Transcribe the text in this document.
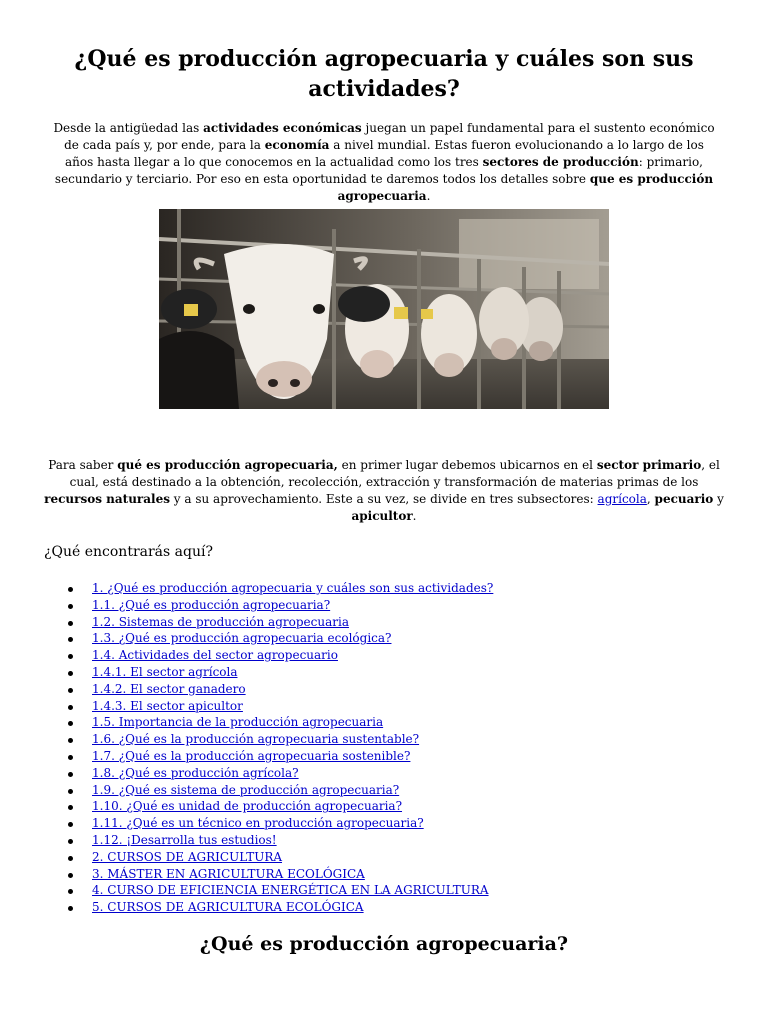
¿Qué es producción agropecuaria y cuáles son sus actividades?

Desde la antigüedad las actividades económicas juegan un papel fundamental para el sustento económico de cada país y, por ende, para la economía a nivel mundial. Estas fueron evolucionando a lo largo de los años hasta llegar a lo que conocemos en la actualidad como los tres sectores de producción: primario, secundario y terciario. Por eso en esta oportunidad te daremos todos los detalles sobre que es producción agropecuaria.

Para saber qué es producción agropecuaria, en primer lugar debemos ubicarnos en el sector primario, el cual, está destinado a la obtención, recolección, extracción y transformación de materias primas de los recursos naturales y a su aprovechamiento. Este a su vez, se divide en tres subsectores: agrícola, pecuario y apicultor.

¿Qué encontrarás aquí?
1. ¿Qué es producción agropecuaria y cuáles son sus actividades?
1.1. ¿Qué es producción agropecuaria?
1.2. Sistemas de producción agropecuaria
1.3. ¿Qué es producción agropecuaria ecológica?
1.4. Actividades del sector agropecuario
1.4.1. El sector agrícola
1.4.2. El sector ganadero
1.4.3. El sector apicultor
1.5. Importancia de la producción agropecuaria
1.6. ¿Qué es la producción agropecuaria sustentable?
1.7. ¿Qué es la producción agropecuaria sostenible?
1.8. ¿Qué es producción agrícola?
1.9. ¿Qué es sistema de producción agropecuaria?
1.10. ¿Qué es unidad de producción agropecuaria?
1.11. ¿Qué es un técnico en producción agropecuaria?
1.12. ¡Desarrolla tus estudios!
2. CURSOS DE AGRICULTURA
3. MÁSTER EN AGRICULTURA ECOLÓGICA
4. CURSO DE EFICIENCIA ENERGÉTICA EN LA AGRICULTURA
5. CURSOS DE AGRICULTURA ECOLÓGICA
¿Qué es producción agropecuaria?
